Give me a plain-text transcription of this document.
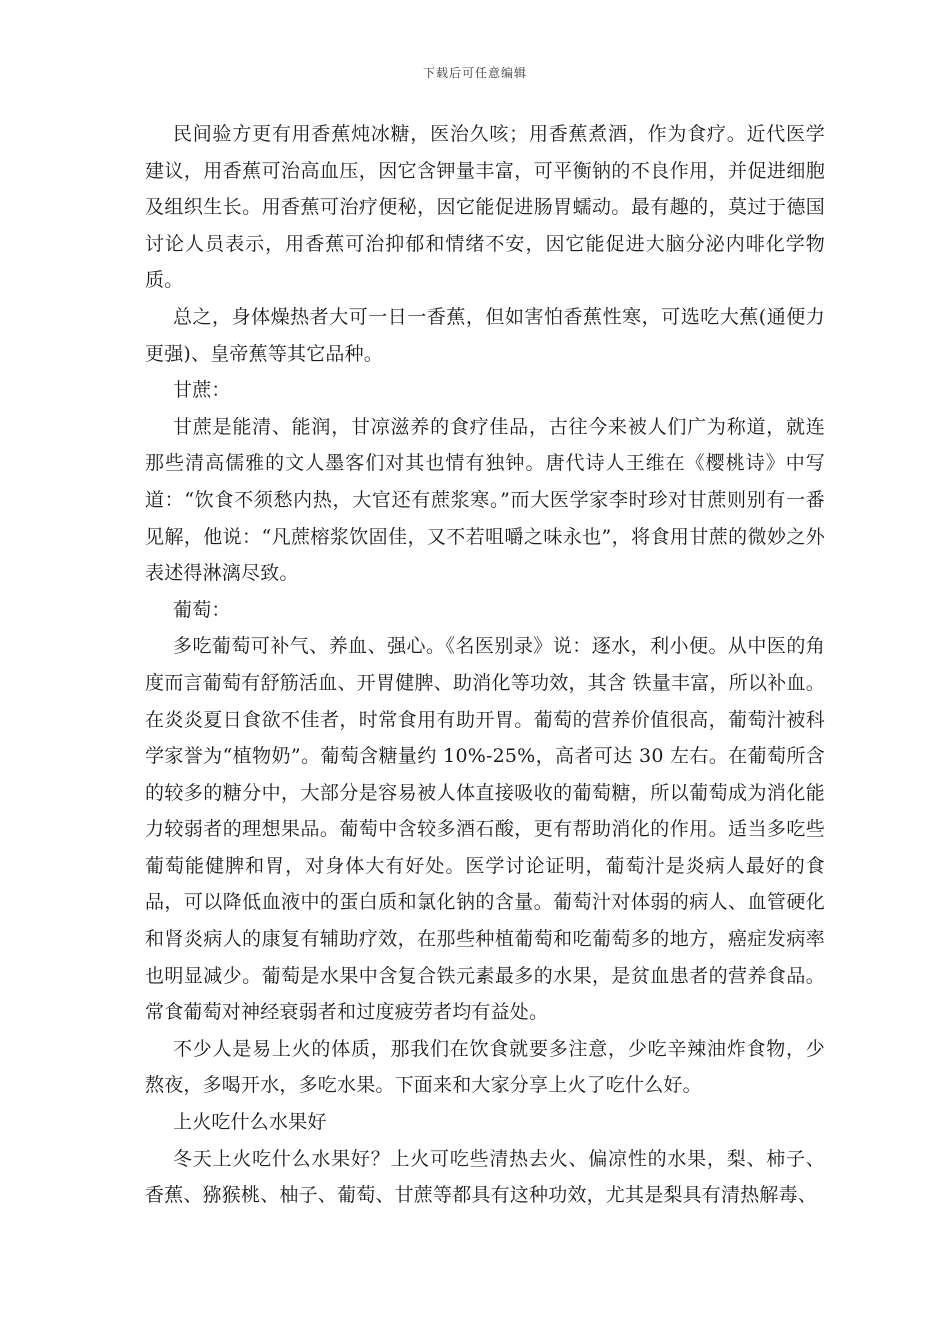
下载后可任意编辑

民间验方更有用香蕉炖冰糖，医治久咳；用香蕉煮酒，作为食疗。近代医学建议，用香蕉可治高血压，因它含钾量丰富，可平衡钠的不良作用，并促进细胞及组织生长。用香蕉可治疗便秘，因它能促进肠胃蠕动。最有趣的，莫过于德国讨论人员表示，用香蕉可治抑郁和情绪不安，因它能促进大脑分泌内啡化学物质。

总之，身体燥热者大可一日一香蕉，但如害怕香蕉性寒，可选吃大蕉(通便力更强)、皇帝蕉等其它品种。

甘蔗：

甘蔗是能清、能润，甘凉滋养的食疗佳品，古往今来被人们广为称道，就连那些清高儒雅的文人墨客们对其也情有独钟。唐代诗人王维在《樱桃诗》中写道：“饮食不须愁内热，大官还有蔗浆寒。”而大医学家李时珍对甘蔗则别有一番见解，他说：“凡蔗榕浆饮固佳，又不若咀嚼之味永也”，将食用甘蔗的微妙之外表述得淋漓尽致。

葡萄：

多吃葡萄可补气、养血、强心。《名医别录》说：逐水，利小便。从中医的角度而言葡萄有舒筋活血、开胃健脾、助消化等功效，其含 铁量丰富，所以补血。在炎炎夏日食欲不佳者，时常食用有助开胃。葡萄的营养价值很高，葡萄汁被科学家誉为“植物奶”。葡萄含糖量约 10%-25%，高者可达 30 左右。在葡萄所含的较多的糖分中，大部分是容易被人体直接吸收的葡萄糖，所以葡萄成为消化能力较弱者的理想果品。葡萄中含较多酒石酸，更有帮助消化的作用。适当多吃些葡萄能健脾和胃，对身体大有好处。医学讨论证明，葡萄汁是炎病人最好的食品，可以降低血液中的蛋白质和氯化钠的含量。葡萄汁对体弱的病人、血管硬化和肾炎病人的康复有辅助疗效，在那些种植葡萄和吃葡萄多的地方，癌症发病率也明显减少。葡萄是水果中含复合铁元素最多的水果，是贫血患者的营养食品。常食葡萄对神经衰弱者和过度疲劳者均有益处。

不少人是易上火的体质，那我们在饮食就要多注意，少吃辛辣油炸食物，少熬夜，多喝开水，多吃水果。下面来和大家分享上火了吃什么好。

上火吃什么水果好

冬天上火吃什么水果好？上火可吃些清热去火、偏凉性的水果，梨、柿子、香蕉、猕猴桃、柚子、葡萄、甘蔗等都具有这种功效，尤其是梨具有清热解毒、
